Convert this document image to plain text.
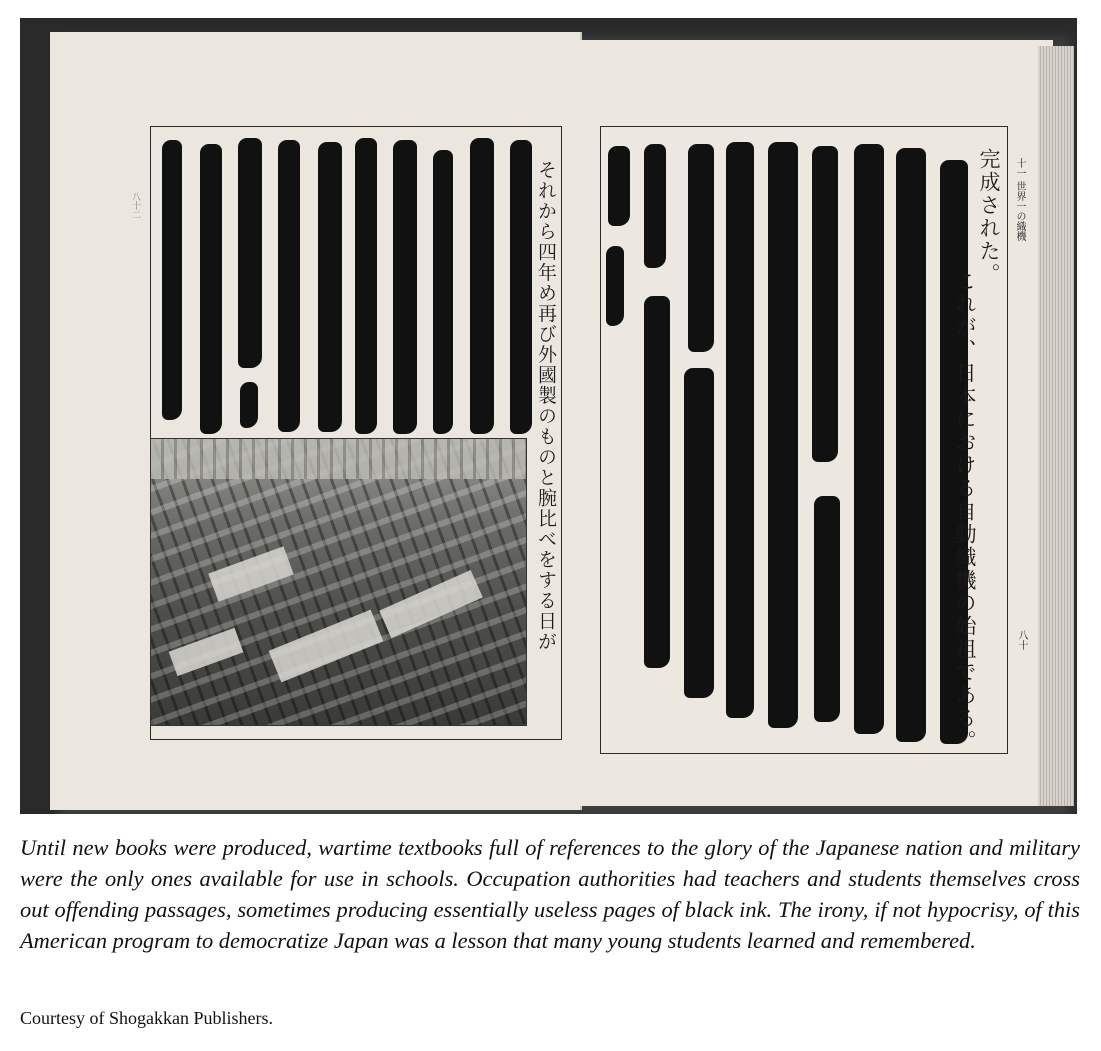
八十二	それから四年め再び外國製のものと腕比べをする日が	完成された。
これが、日本における自動織機の始祖である。
十一 世界一の織機
八十

Until new books were produced, wartime textbooks full of references to the glory of the Japanese nation and military were the only ones available for use in schools. Occupation authorities had teachers and students themselves cross out offending passages, sometimes producing essentially useless pages of black ink. The irony, if not hypocrisy, of this American program to democratize Japan was a lesson that many young students learned and remembered.

Courtesy of Shogakkan Publishers.
